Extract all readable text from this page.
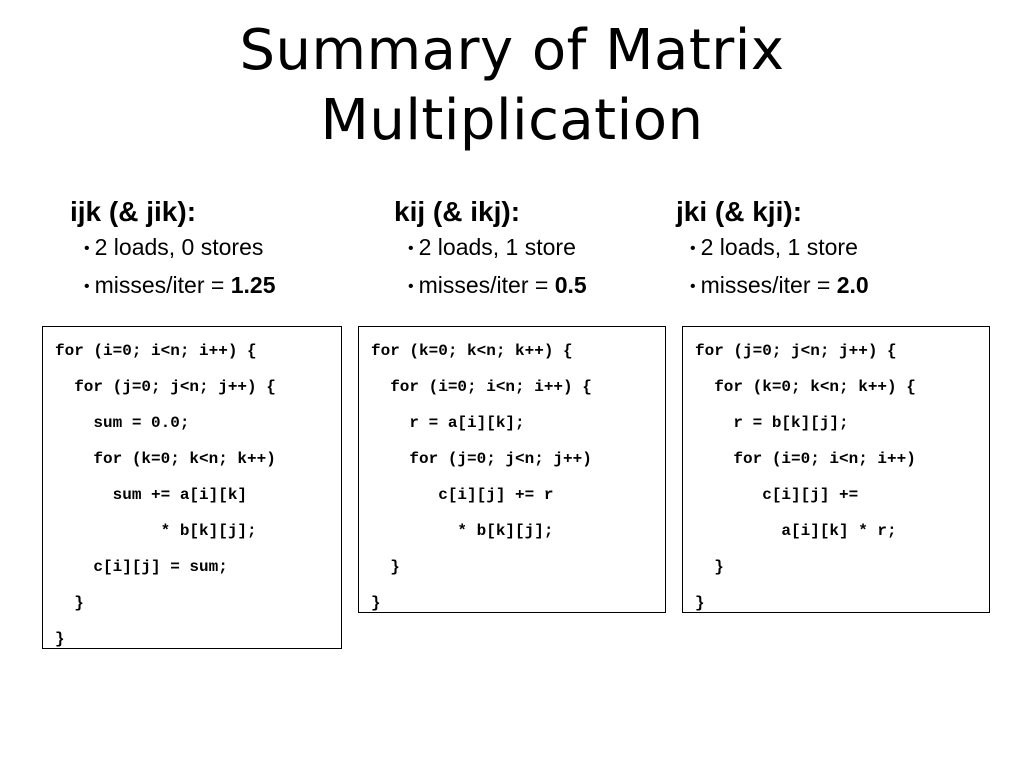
Summary of Matrix
Multiplication
ijk (& jik):
• 2 loads, 0 stores
• misses/iter = 1.25
kij (& ikj):
• 2 loads, 1 store
• misses/iter = 0.5
jki (& kji):
• 2 loads, 1 store
• misses/iter = 2.0
for (i=0; i<n; i++) {
for (j=0; j<n; j++) {
sum = 0.0;
for (k=0; k<n; k++)
sum += a[i][k]
* b[k][j];
c[i][j] = sum;
}
}
for (k=0; k<n; k++) {
for (i=0; i<n; i++) {
r = a[i][k];
for (j=0; j<n; j++)
c[i][j] += r
* b[k][j];
}
}
for (j=0; j<n; j++) {
for (k=0; k<n; k++) {
r = b[k][j];
for (i=0; i<n; i++)
c[i][j] +=
a[i][k] * r;
}
}
